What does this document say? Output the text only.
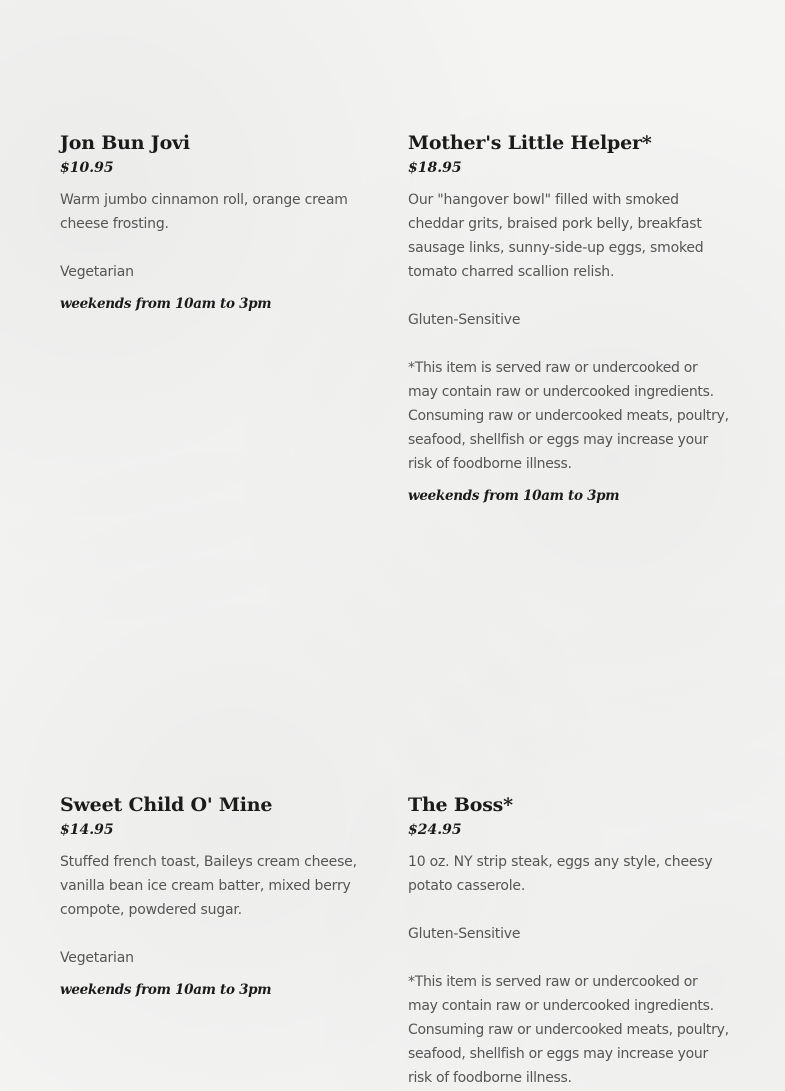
Jon Bun Jovi
$10.95
Warm jumbo cinnamon roll, orange cream cheese frosting.
Vegetarian
weekends from 10am to 3pm
Mother's Little Helper*
$18.95
Our "hangover bowl" filled with smoked cheddar grits, braised pork belly, breakfast sausage links, sunny-side-up eggs, smoked tomato charred scallion relish.
Gluten-Sensitive
*This item is served raw or undercooked or may contain raw or undercooked ingredients. Consuming raw or undercooked meats, poultry, seafood, shellfish or eggs may increase your risk of foodborne illness.
weekends from 10am to 3pm
Sweet Child O' Mine
$14.95
Stuffed french toast, Baileys cream cheese, vanilla bean ice cream batter, mixed berry compote, powdered sugar.
Vegetarian
weekends from 10am to 3pm
The Boss*
$24.95
10 oz. NY strip steak, eggs any style, cheesy potato casserole.
Gluten-Sensitive
*This item is served raw or undercooked or may contain raw or undercooked ingredients. Consuming raw or undercooked meats, poultry, seafood, shellfish or eggs may increase your risk of foodborne illness.
